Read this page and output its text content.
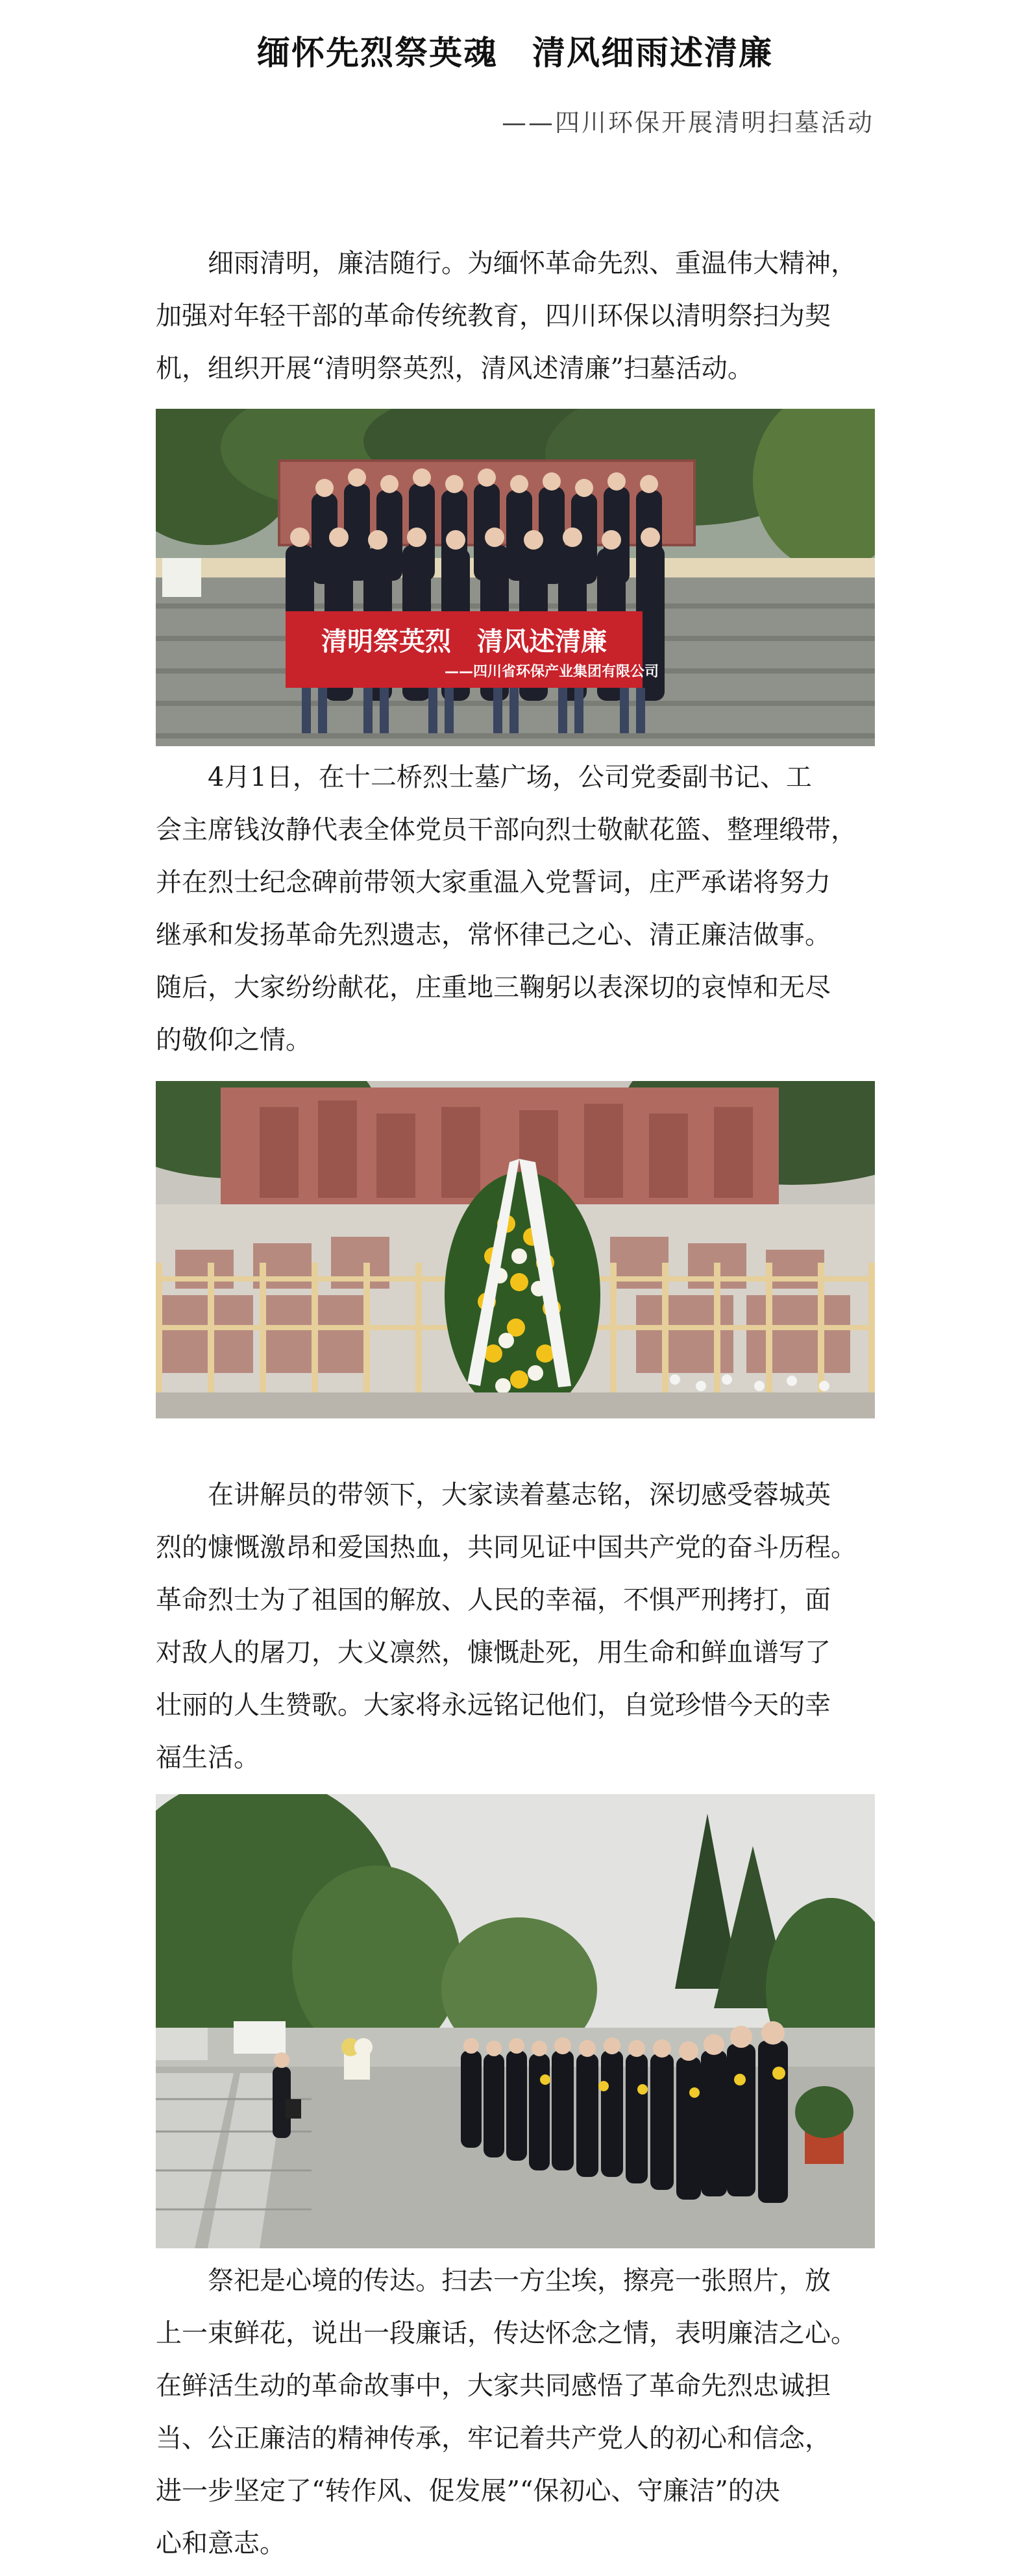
缅怀先烈祭英魂　清风细雨述清廉
——四川环保开展清明扫墓活动

　　细雨清明，廉洁随行。为缅怀革命先烈、重温伟大精神，
加强对年轻干部的革命传统教育，四川环保以清明祭扫为契
机，组织开展“清明祭英烈，清风述清廉”扫墓活动。

清明祭英烈　清风述清廉
——四川省环保产业集团有限公司

　　4月1日，在十二桥烈士墓广场，公司党委副书记、工
会主席钱汝静代表全体党员干部向烈士敬献花篮、整理缎带，
并在烈士纪念碑前带领大家重温入党誓词，庄严承诺将努力
继承和发扬革命先烈遗志，常怀律己之心、清正廉洁做事。
随后，大家纷纷献花，庄重地三鞠躬以表深切的哀悼和无尽
的敬仰之情。

　　在讲解员的带领下，大家读着墓志铭，深切感受蓉城英
烈的慷慨激昂和爱国热血，共同见证中国共产党的奋斗历程。
革命烈士为了祖国的解放、人民的幸福，不惧严刑拷打，面
对敌人的屠刀，大义凛然，慷慨赴死，用生命和鲜血谱写了
壮丽的人生赞歌。大家将永远铭记他们，自觉珍惜今天的幸
福生活。

　　祭祀是心境的传达。扫去一方尘埃，擦亮一张照片，放
上一束鲜花，说出一段廉话，传达怀念之情，表明廉洁之心。
在鲜活生动的革命故事中，大家共同感悟了革命先烈忠诚担
当、公正廉洁的精神传承，牢记着共产党人的初心和信念，
进一步坚定了“转作风、促发展”“保初心、守廉洁”的决
心和意志。
